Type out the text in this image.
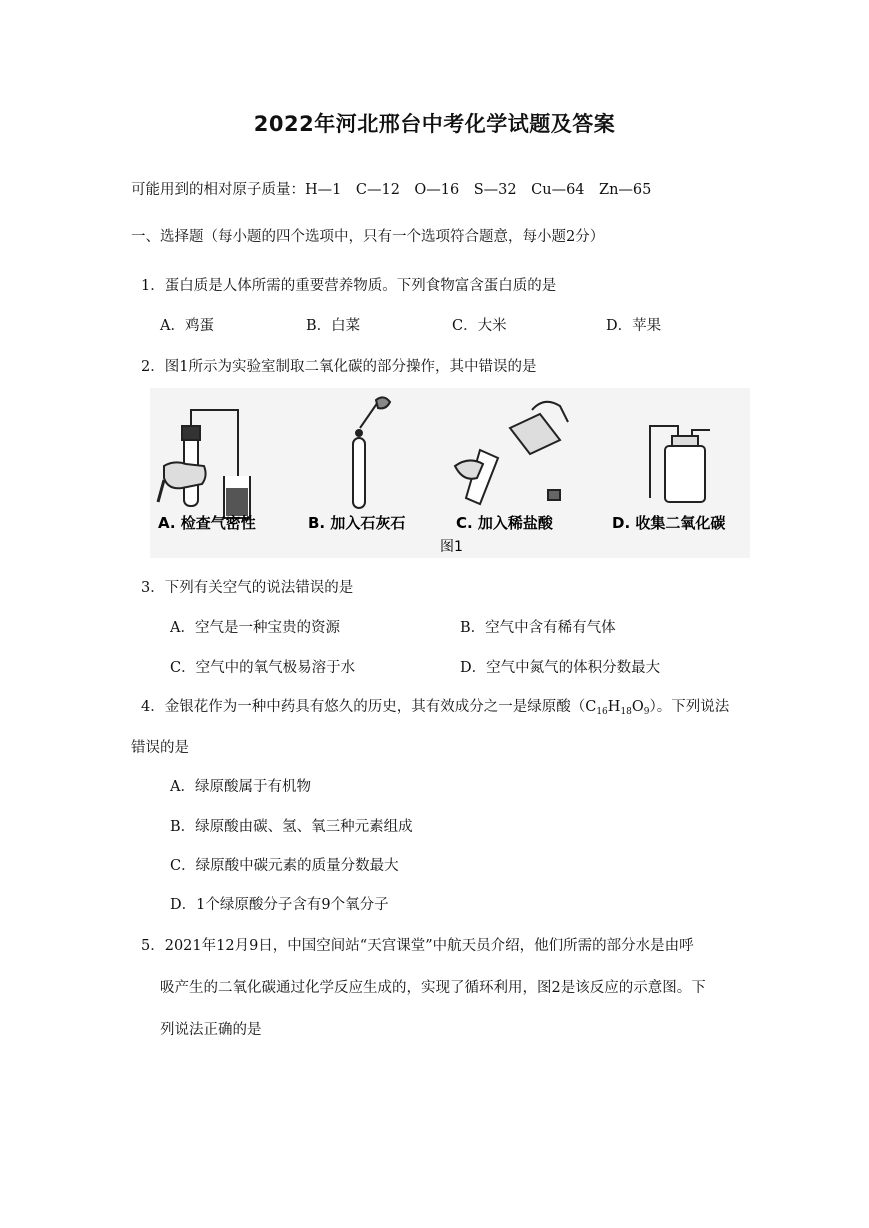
2022年河北邢台中考化学试题及答案
可能用到的相对原子质量：H—1　C—12　O—16　S—32　Cu—64　Zn—65
一、选择题（每小题的四个选项中，只有一个选项符合题意，每小题2分）
1．蛋白质是人体所需的重要营养物质。下列食物富含蛋白质的是
A．鸡蛋	B．白菜	C．大米	D．苹果
2．图1所示为实验室制取二氧化碳的部分操作，其中错误的是
A. 检查气密性	B. 加入石灰石	C. 加入稀盐酸	D. 收集二氧化碳
图1
3．下列有关空气的说法错误的是
A．空气是一种宝贵的资源	B．空气中含有稀有气体
C．空气中的氧气极易溶于水	D．空气中氮气的体积分数最大
4．金银花作为一种中药具有悠久的历史，其有效成分之一是绿原酸$(C_{16}H_{18}O_9)$。下列说法
错误的是
A．绿原酸属于有机物
B．绿原酸由碳、氢、氧三种元素组成
C．绿原酸中碳元素的质量分数最大
D．1个绿原酸分子含有9个氧分子
5．2021年12月9日，中国空间站“天宫课堂”中航天员介绍，他们所需的部分水是由呼
吸产生的二氧化碳通过化学反应生成的，实现了循环利用，图2是该反应的示意图。下
列说法正确的是
